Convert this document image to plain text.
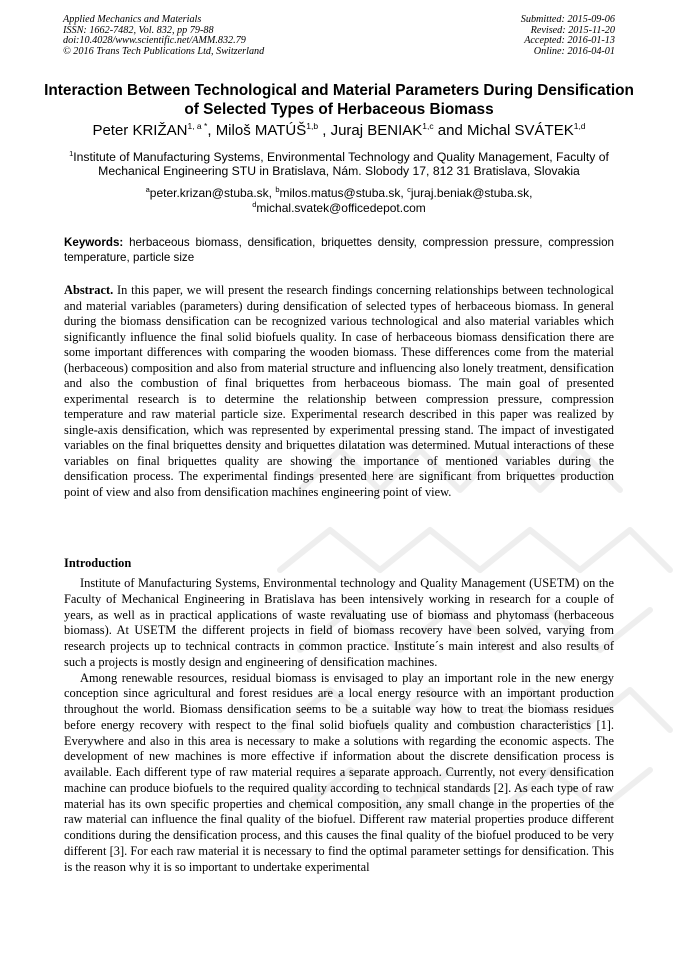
Applied Mechanics and Materials
ISSN: 1662-7482, Vol. 832, pp 79-88
doi:10.4028/www.scientific.net/AMM.832.79
© 2016 Trans Tech Publications Ltd, Switzerland
Submitted: 2015-09-06
Revised: 2015-11-20
Accepted: 2016-01-13
Online: 2016-04-01
Interaction Between Technological and Material Parameters During Densification of Selected Types of Herbaceous Biomass
Peter $KRIŽAN^{1, a *}$, Miloš MATÚŠ$^{1,b}$ , Juraj BENIAK$^{1,c}$ and Michal SVÁTEK$^{1,d}$
$^1$Institute of Manufacturing Systems, Environmental Technology and Quality Management, Faculty of Mechanical Engineering STU in Bratislava, Nám. Slobody 17, 812 31 Bratislava, Slovakia
$^a$peter.krizan@stuba.sk, $^b$milos.matus@stuba.sk, $^c$juraj.beniak@stuba.sk,
$^d$michal.svatek@officedepot.com
Keywords: herbaceous biomass, densification, briquettes density, compression pressure, compression temperature, particle size
Abstract. In this paper, we will present the research findings concerning relationships between technological and material variables (parameters) during densification of selected types of herbaceous biomass. In general during the biomass densification can be recognized various technological and also material variables which significantly influence the final solid biofuels quality. In case of herbaceous biomass densification there are some important differences with comparing the wooden biomass. These differences come from the material (herbaceous) composition and also from material structure and influencing also lonely treatment, densification and also the combustion of final briquettes from herbaceous biomass. The main goal of presented experimental research is to determine the relationship between compression pressure, compression temperature and raw material particle size. Experimental research described in this paper was realized by single-axis densification, which was represented by experimental pressing stand. The impact of investigated variables on the final briquettes density and briquettes dilatation was determined. Mutual interactions of these variables on final briquettes quality are showing the importance of mentioned variables during the densification process. The experimental findings presented here are significant from briquettes production point of view and also from densification machines engineering point of view.
Introduction

Institute of Manufacturing Systems, Environmental technology and Quality Management (USETM) on the Faculty of Mechanical Engineering in Bratislava has been intensively working in research for a couple of years, as well as in practical applications of waste revaluating use of biomass and phytomass (herbaceous biomass). At USETM the different projects in field of biomass recovery have been solved, varying from research projects up to technical contracts in common practice. Institute´s main interest and also results of such a projects is mostly design and engineering of densification machines.

Among renewable resources, residual biomass is envisaged to play an important role in the new energy conception since agricultural and forest residues are a local energy resource with an important production throughout the world. Biomass densification seems to be a suitable way how to treat the biomass residues before energy recovery with respect to the final solid biofuels quality and combustion characteristics [1]. Everywhere and also in this area is necessary to make a solutions with regarding the economic aspects. The development of new machines is more effective if information about the discrete densification process is available. Each different type of raw material requires a separate approach. Currently, not every densification machine can produce biofuels to the required quality according to technical standards [2]. As each type of raw material has its own specific properties and chemical composition, any small change in the properties of the raw material can influence the final quality of the biofuel. Different raw material properties produce different conditions during the densification process, and this causes the final quality of the biofuel produced to be very different [3]. For each raw material it is necessary to find the optimal parameter settings for densification. This is the reason why it is so important to undertake experimental
